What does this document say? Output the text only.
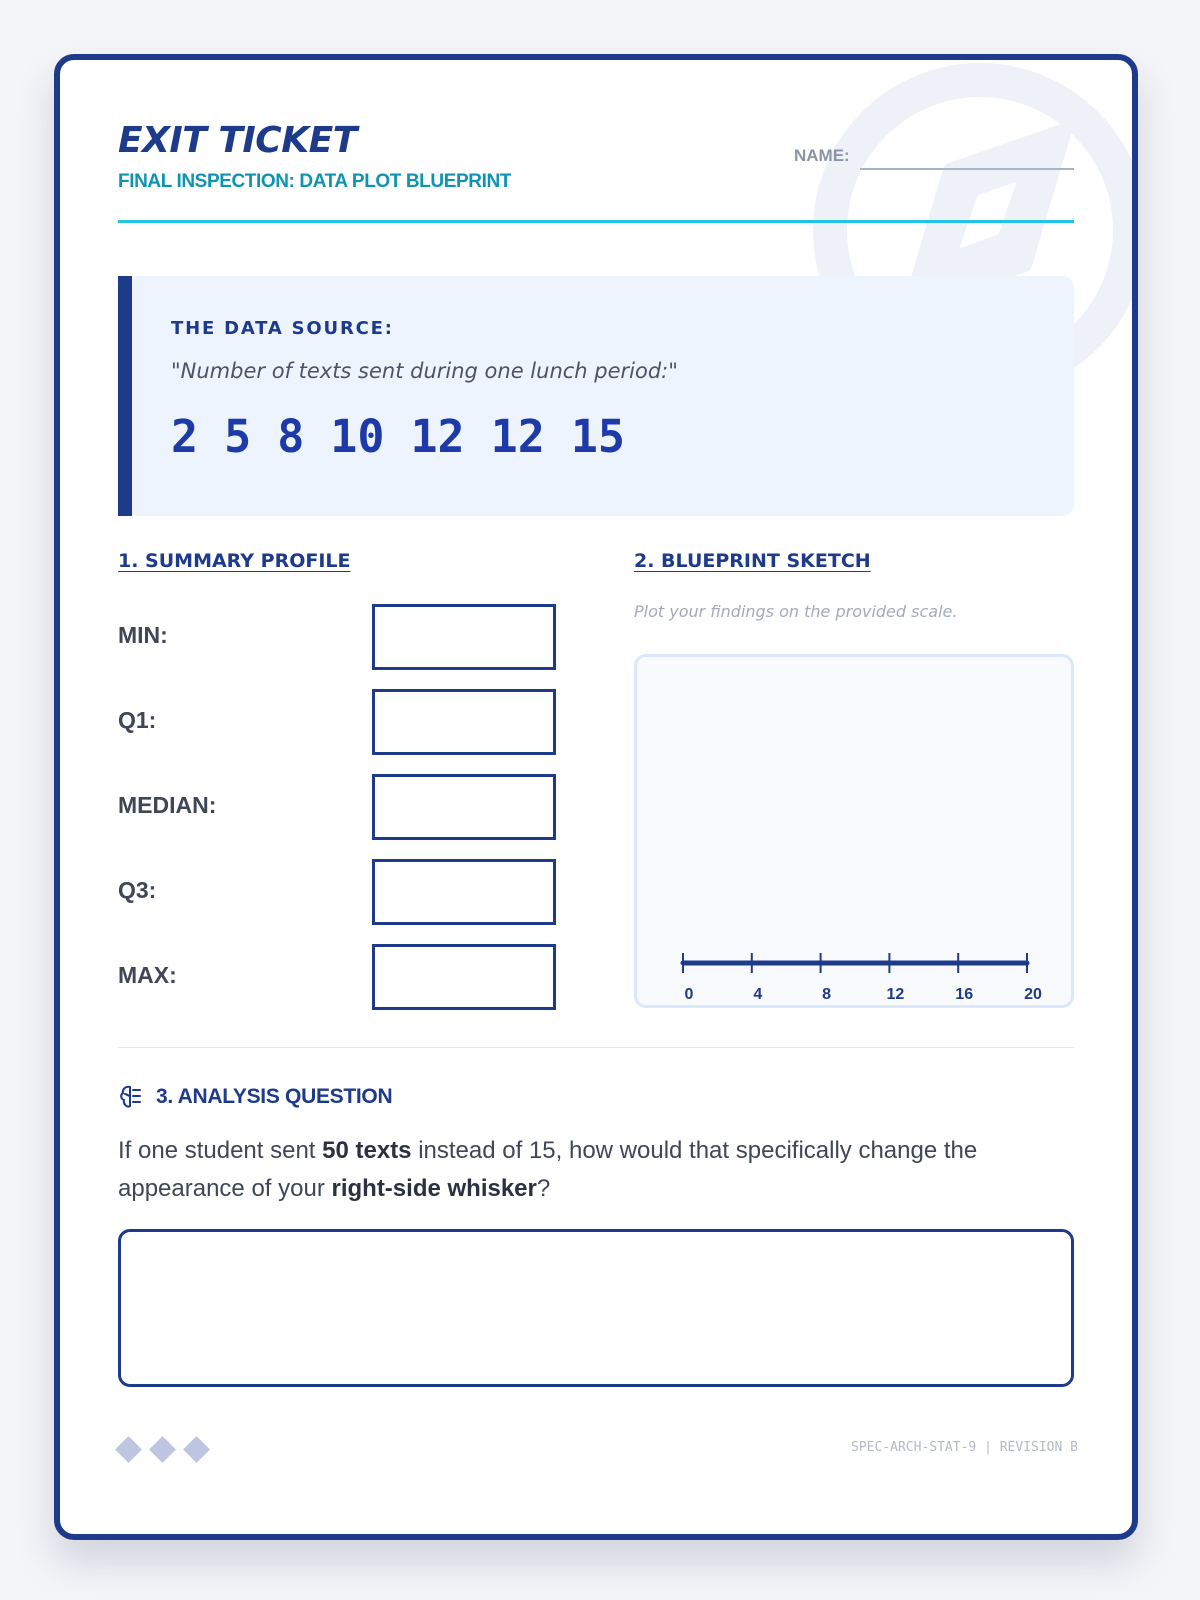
EXIT TICKET
FINAL INSPECTION: DATA PLOT BLUEPRINT
NAME:
THE DATA SOURCE:
"Number of texts sent during one lunch period:"
2 5 8 10 12 12 15
1. SUMMARY PROFILE
MIN:
Q1:
MEDIAN:
Q3:
MAX:
2. BLUEPRINT SKETCH
Plot your findings on the provided scale.
0	4	8	12	16	20
3. ANALYSIS QUESTION
If one student sent 50 texts instead of 15, how would that specifically change the appearance of your right-side whisker?
SPEC-ARCH-STAT-9 | REVISION B
